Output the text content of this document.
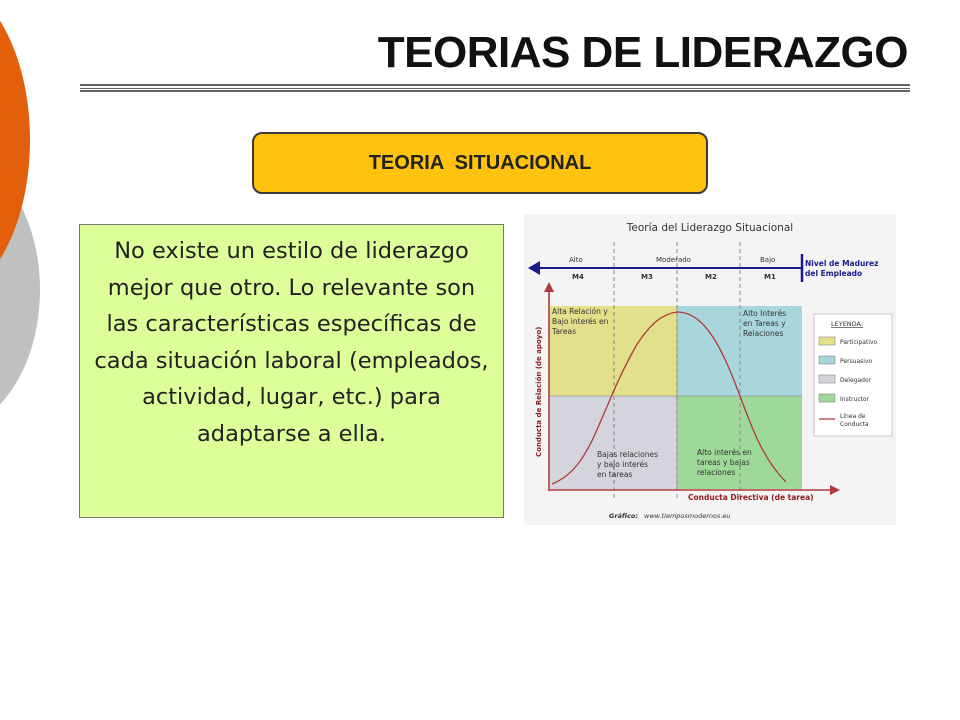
TEORIAS DE LIDERAZGO
TEORIA  SITUACIONAL
No existe un estilo de liderazgo mejor que otro. Lo relevante son las características específicas de cada situación laboral (empleados, actividad, lugar, etc.) para adaptarse a ella.
Teoría del Liderazgo Situacional
Alto	Moderado	Bajo
M4	M3	M2	M1
Nivel de Madurez
del Empleado
Alta Relación y
Bajo interés en
Tareas
Alto Interés
en Tareas y
Relaciones
Bajas relaciones
y bajo interés
en tareas
Alto interés en
tareas y bajas
relaciones
Conducta de Relación (de apoyo)
Conducta Directiva (de tarea)
LEYENDA:
Participativo
Persuasivo
Delegador
Instructor
Línea de
Conducta
Gráfico: www.tiemposmodernos.eu
